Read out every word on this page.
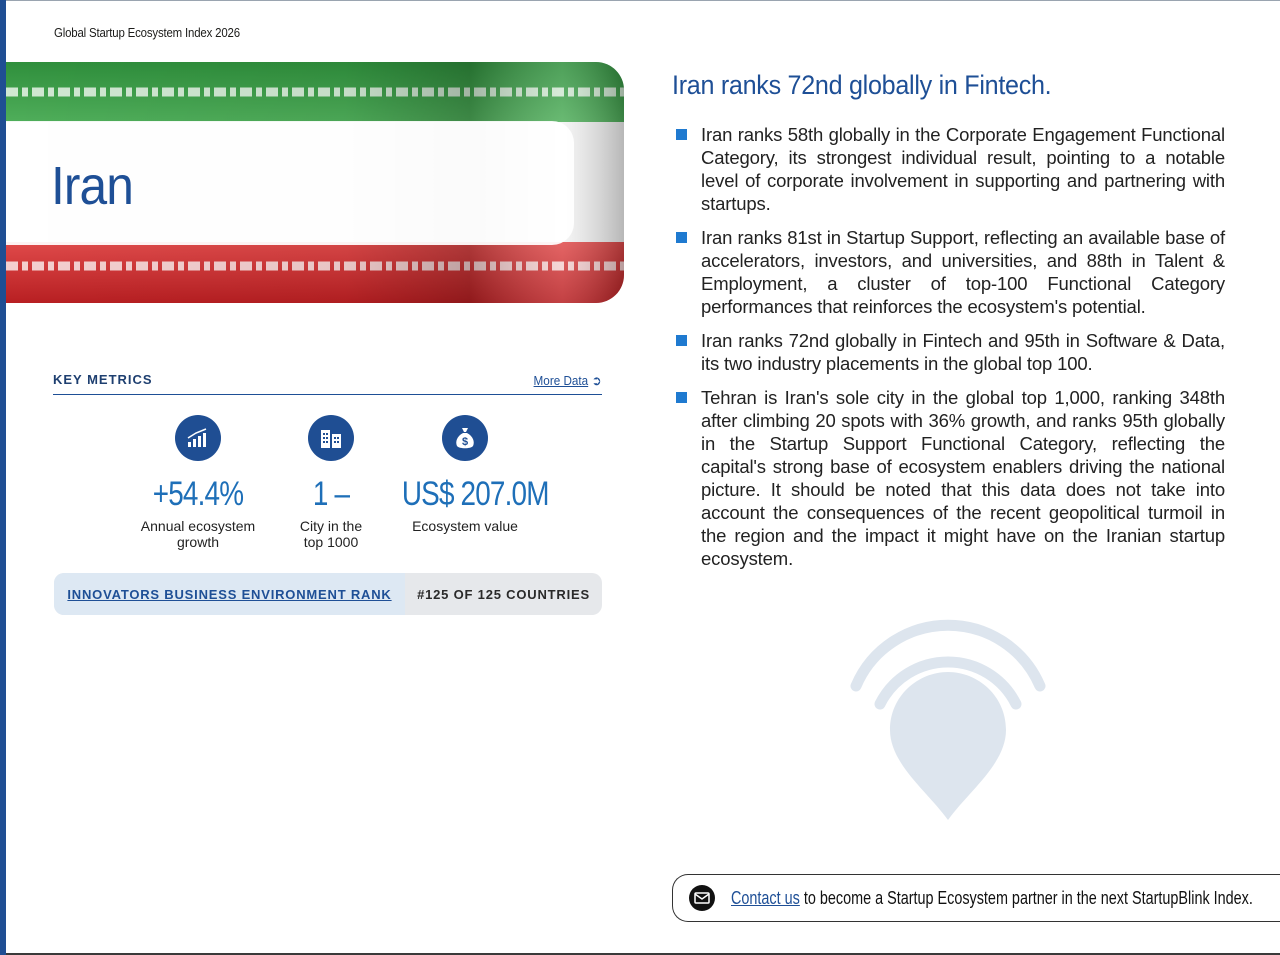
Global Startup Ecosystem Index 2026
Iran
KEY METRICS	More Data ➲
+54.4%
Annual ecosystem
growth
1 –
City in the
top 1000
$
US$ 207.0M
Ecosystem value
INNOVATORS BUSINESS ENVIRONMENT RANK	#125 OF 125 COUNTRIES
Iran ranks 72nd globally in Fintech.
Iran ranks 58th globally in the Corporate Engagement Functional Category, its strongest individual result, pointing to a notable level of corporate involvement in supporting and partnering with startups.
Iran ranks 81st in Startup Support, reflecting an available base of accelerators, investors, and universities, and 88th in Talent & Employment, a cluster of top-100 Functional Category performances that reinforces the ecosystem's potential.
Iran ranks 72nd globally in Fintech and 95th in Software & Data, its two industry placements in the global top 100.
Tehran is Iran's sole city in the global top 1,000, ranking 348th after climbing 20 spots with 36% growth, and ranks 95th globally in the Startup Support Functional Category, reflecting the capital's strong base of ecosystem enablers driving the national picture. It should be noted that this data does not take into account the consequences of the recent geopolitical turmoil in the region and the impact it might have on the Iranian startup ecosystem.
Contact us to become a Startup Ecosystem partner in the next StartupBlink Index.
